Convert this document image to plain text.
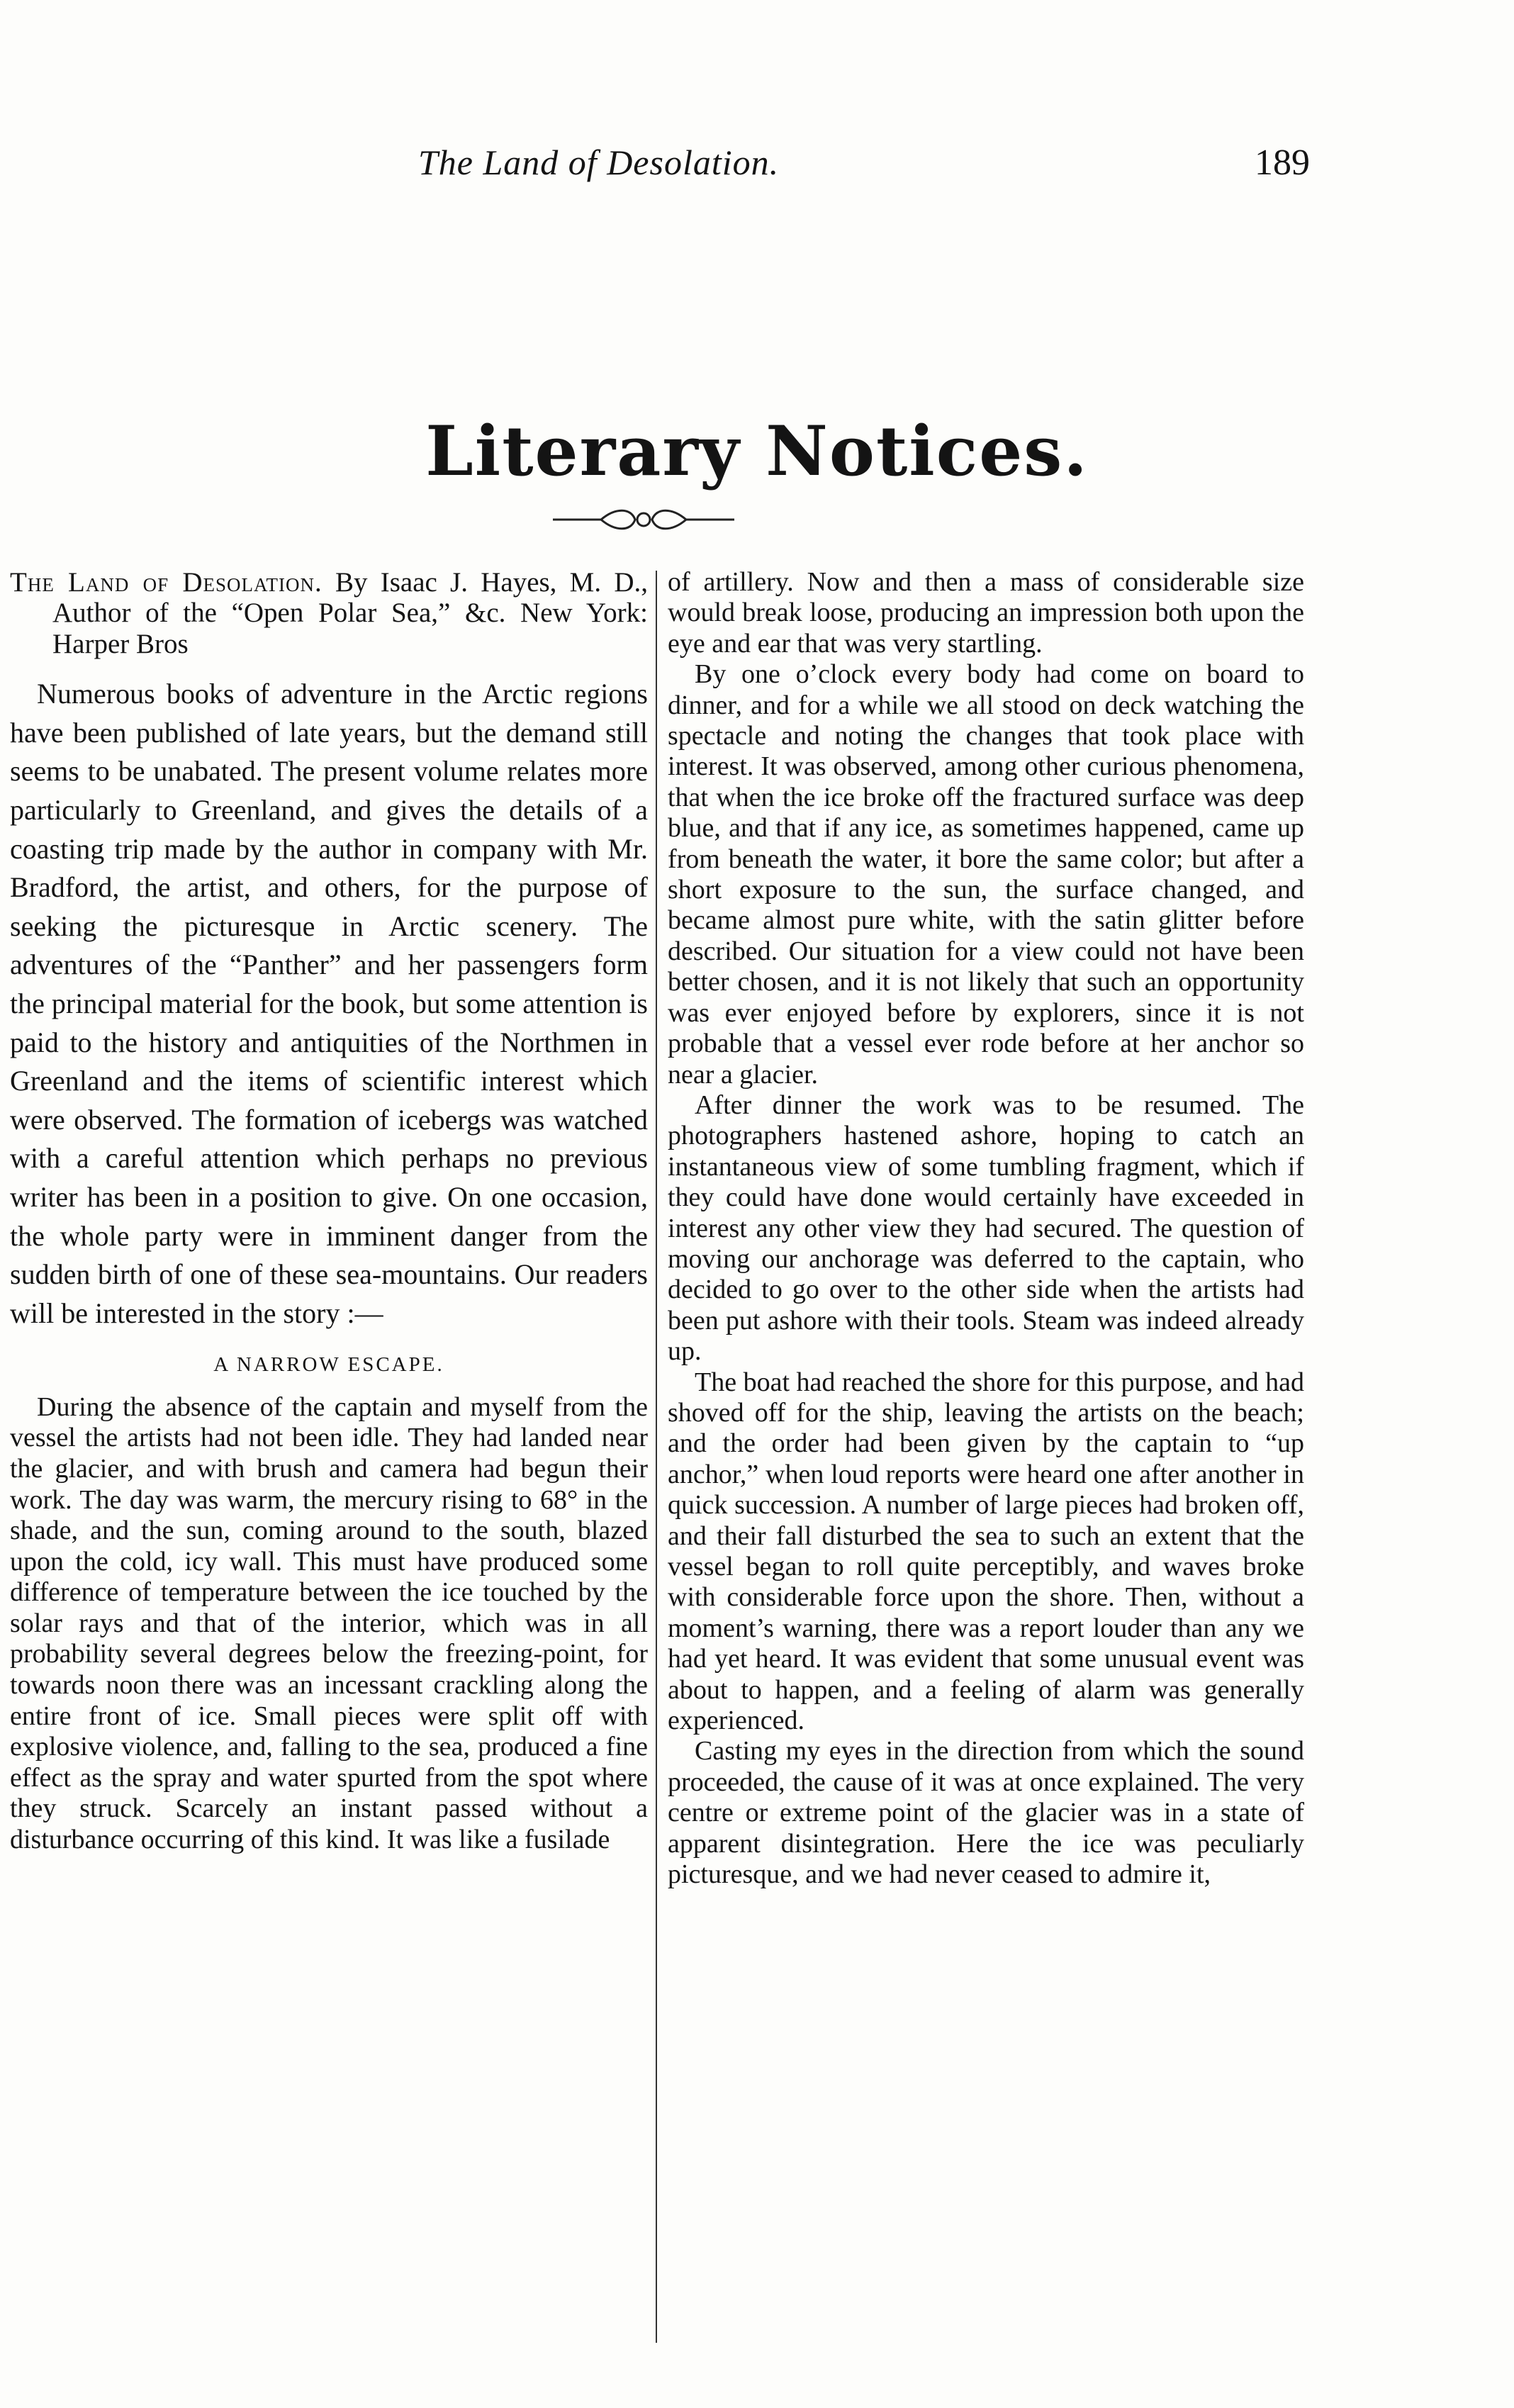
The Land of Desolation.	189
Literary Notices.

The Land of Desolation. By Isaac J. Hayes, M. D., Author of the “Open Polar Sea,” &c. New York: Harper Bros

Numerous books of adventure in the Arctic regions have been published of late years, but the demand still seems to be unabated. The present volume relates more particularly to Greenland, and gives the details of a coasting trip made by the author in company with Mr. Bradford, the artist, and others, for the purpose of seeking the picturesque in Arctic scenery. The adventures of the “Panther” and her passengers form the principal material for the book, but some attention is paid to the history and antiquities of the Northmen in Greenland and the items of scientific interest which were observed. The formation of icebergs was watched with a careful attention which perhaps no previous writer has been in a position to give. On one occasion, the whole party were in imminent danger from the sudden birth of one of these sea-mountains. Our readers will be interested in the story :—

A NARROW ESCAPE.

During the absence of the captain and myself from the vessel the artists had not been idle. They had landed near the glacier, and with brush and camera had begun their work. The day was warm, the mercury rising to 68° in the shade, and the sun, coming around to the south, blazed upon the cold, icy wall. This must have produced some difference of temperature between the ice touched by the solar rays and that of the interior, which was in all probability several degrees below the freezing-point, for towards noon there was an incessant crackling along the entire front of ice. Small pieces were split off with explosive violence, and, falling to the sea, produced a fine effect as the spray and water spurted from the spot where they struck. Scarcely an instant passed without a disturbance occurring of this kind. It was like a fusilade

of artillery. Now and then a mass of considerable size would break loose, producing an impression both upon the eye and ear that was very startling.

By one o’clock every body had come on board to dinner, and for a while we all stood on deck watching the spectacle and noting the changes that took place with interest. It was observed, among other curious phenomena, that when the ice broke off the fractured surface was deep blue, and that if any ice, as sometimes happened, came up from beneath the water, it bore the same color; but after a short exposure to the sun, the surface changed, and became almost pure white, with the satin glitter before described. Our situation for a view could not have been better chosen, and it is not likely that such an opportunity was ever enjoyed before by explorers, since it is not probable that a vessel ever rode before at her anchor so near a glacier.

After dinner the work was to be resumed. The photographers hastened ashore, hoping to catch an instantaneous view of some tumbling fragment, which if they could have done would certainly have exceeded in interest any other view they had secured. The question of moving our anchorage was deferred to the captain, who decided to go over to the other side when the artists had been put ashore with their tools. Steam was indeed already up.

The boat had reached the shore for this purpose, and had shoved off for the ship, leaving the artists on the beach; and the order had been given by the captain to “up anchor,” when loud reports were heard one after another in quick succession. A number of large pieces had broken off, and their fall disturbed the sea to such an extent that the vessel began to roll quite perceptibly, and waves broke with considerable force upon the shore. Then, without a moment’s warning, there was a report louder than any we had yet heard. It was evident that some unusual event was about to happen, and a feeling of alarm was generally experienced.

Casting my eyes in the direction from which the sound proceeded, the cause of it was at once explained. The very centre or extreme point of the glacier was in a state of apparent disintegration. Here the ice was peculiarly picturesque, and we had never ceased to admire it,
